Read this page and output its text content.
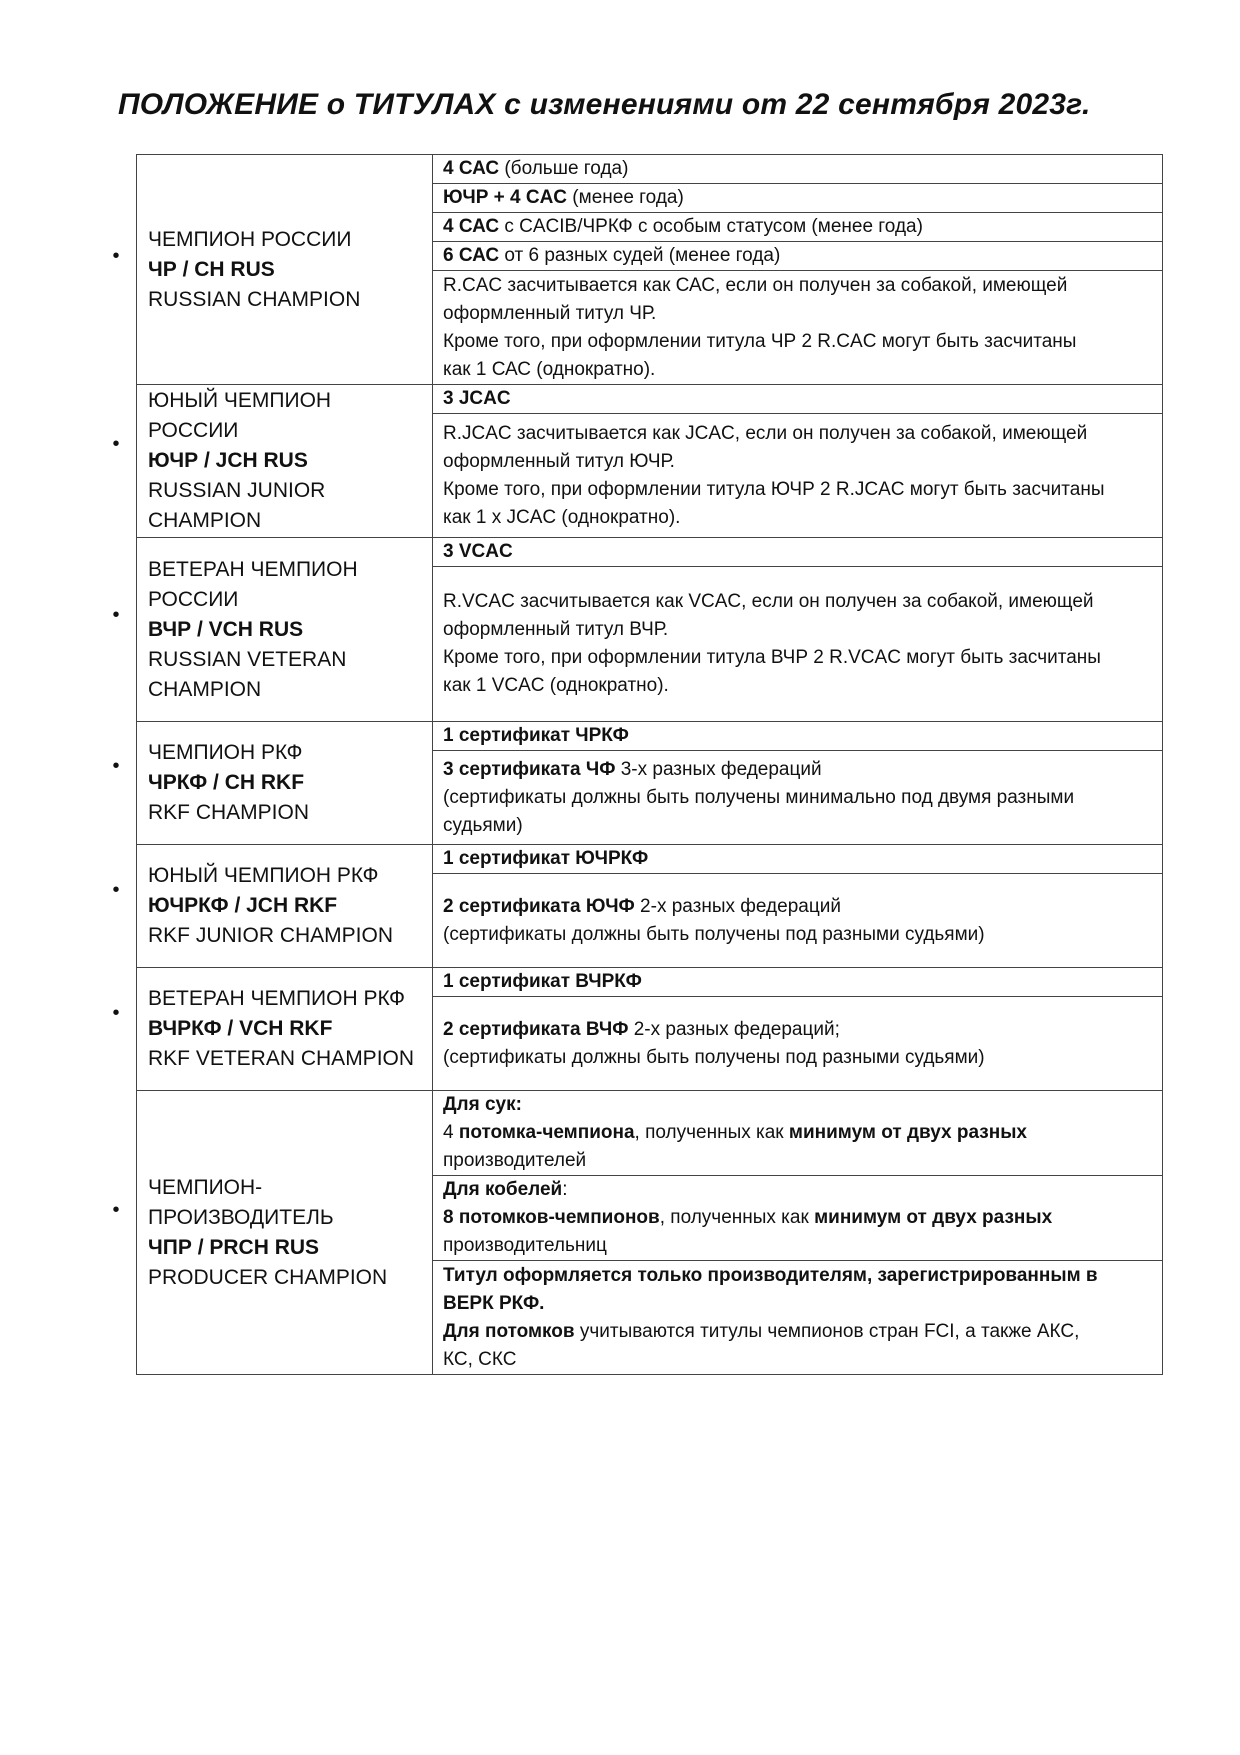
ПОЛОЖЕНИЕ о ТИТУЛАХ с изменениями от 22 сентября 2023г.
•
•
•
•
•
•
•
ЧЕМПИОН РОССИИ
ЧР / CH RUS
RUSSIAN CHAMPION	4 САС (больше года)
	ЮЧР + 4 CAC (менее года)
	4 САС с CACIB/ЧРКФ с особым статусом (менее года)
	6 САС от 6 разных судей (менее года)

	R.CAC засчитывается как САС, если он получен за собакой, имеющей
оформленный титул ЧР.
Кроме того, при оформлении титула ЧР 2 R.CAC могут быть засчитаны
как 1 САС (однократно).

ЮНЫЙ ЧЕМПИОН
РОССИИ
ЮЧР / JCH RUS
RUSSIAN JUNIOR
CHAMPION	3 JCAC

	R.JCAC засчитывается как JCAC, если он получен за собакой, имеющей
оформленный титул ЮЧР.
Кроме того, при оформлении титула ЮЧР 2 R.JCAC могут быть засчитаны
как 1 х JCAC (однократно).

ВЕТЕРАН ЧЕМПИОН
РОССИИ
ВЧР / VCH RUS
RUSSIAN VETERAN
CHAMPION	3 VCAC

	R.VCAC засчитывается как VCAC, если он получен за собакой, имеющей
оформленный титул ВЧР.
Кроме того, при оформлении титула ВЧР 2 R.VCAC могут быть засчитаны
как 1 VCAC (однократно).

ЧЕМПИОН РКФ
ЧРКФ / CH RKF
RKF CHAMPION	1 сертификат ЧРКФ

	3 сертификата ЧФ 3-х разных федераций
(сертификаты должны быть получены минимально под двумя разными
судьями)

ЮНЫЙ ЧЕМПИОН РКФ
ЮЧРКФ / JCH RKF
RKF JUNIOR CHAMPION	1 сертификат ЮЧРКФ

	2 сертификата ЮЧФ 2-х разных федераций
(сертификаты должны быть получены под разными судьями)

ВЕТЕРАН ЧЕМПИОН РКФ
ВЧРКФ / VCH RKF
RKF VETERAN CHAMPION	1 сертификат ВЧРКФ

	2 сертификата ВЧФ 2-х разных федераций;
(сертификаты должны быть получены под разными судьями)

ЧЕМПИОН-
ПРОИЗВОДИТЕЛЬ
ЧПР / PRCH RUS
PRODUCER CHAMPION	Для сук:
4 потомка-чемпиона, полученных как минимум от двух разных
производителей

	Для кобелей:
8 потомков-чемпионов, полученных как минимум от двух разных
производительниц

	Титул оформляется только производителям, зарегистрированным в
ВЕРК РКФ.
Для потомков учитываются титулы чемпионов стран FCI, а также АКС,
КС, СКС
